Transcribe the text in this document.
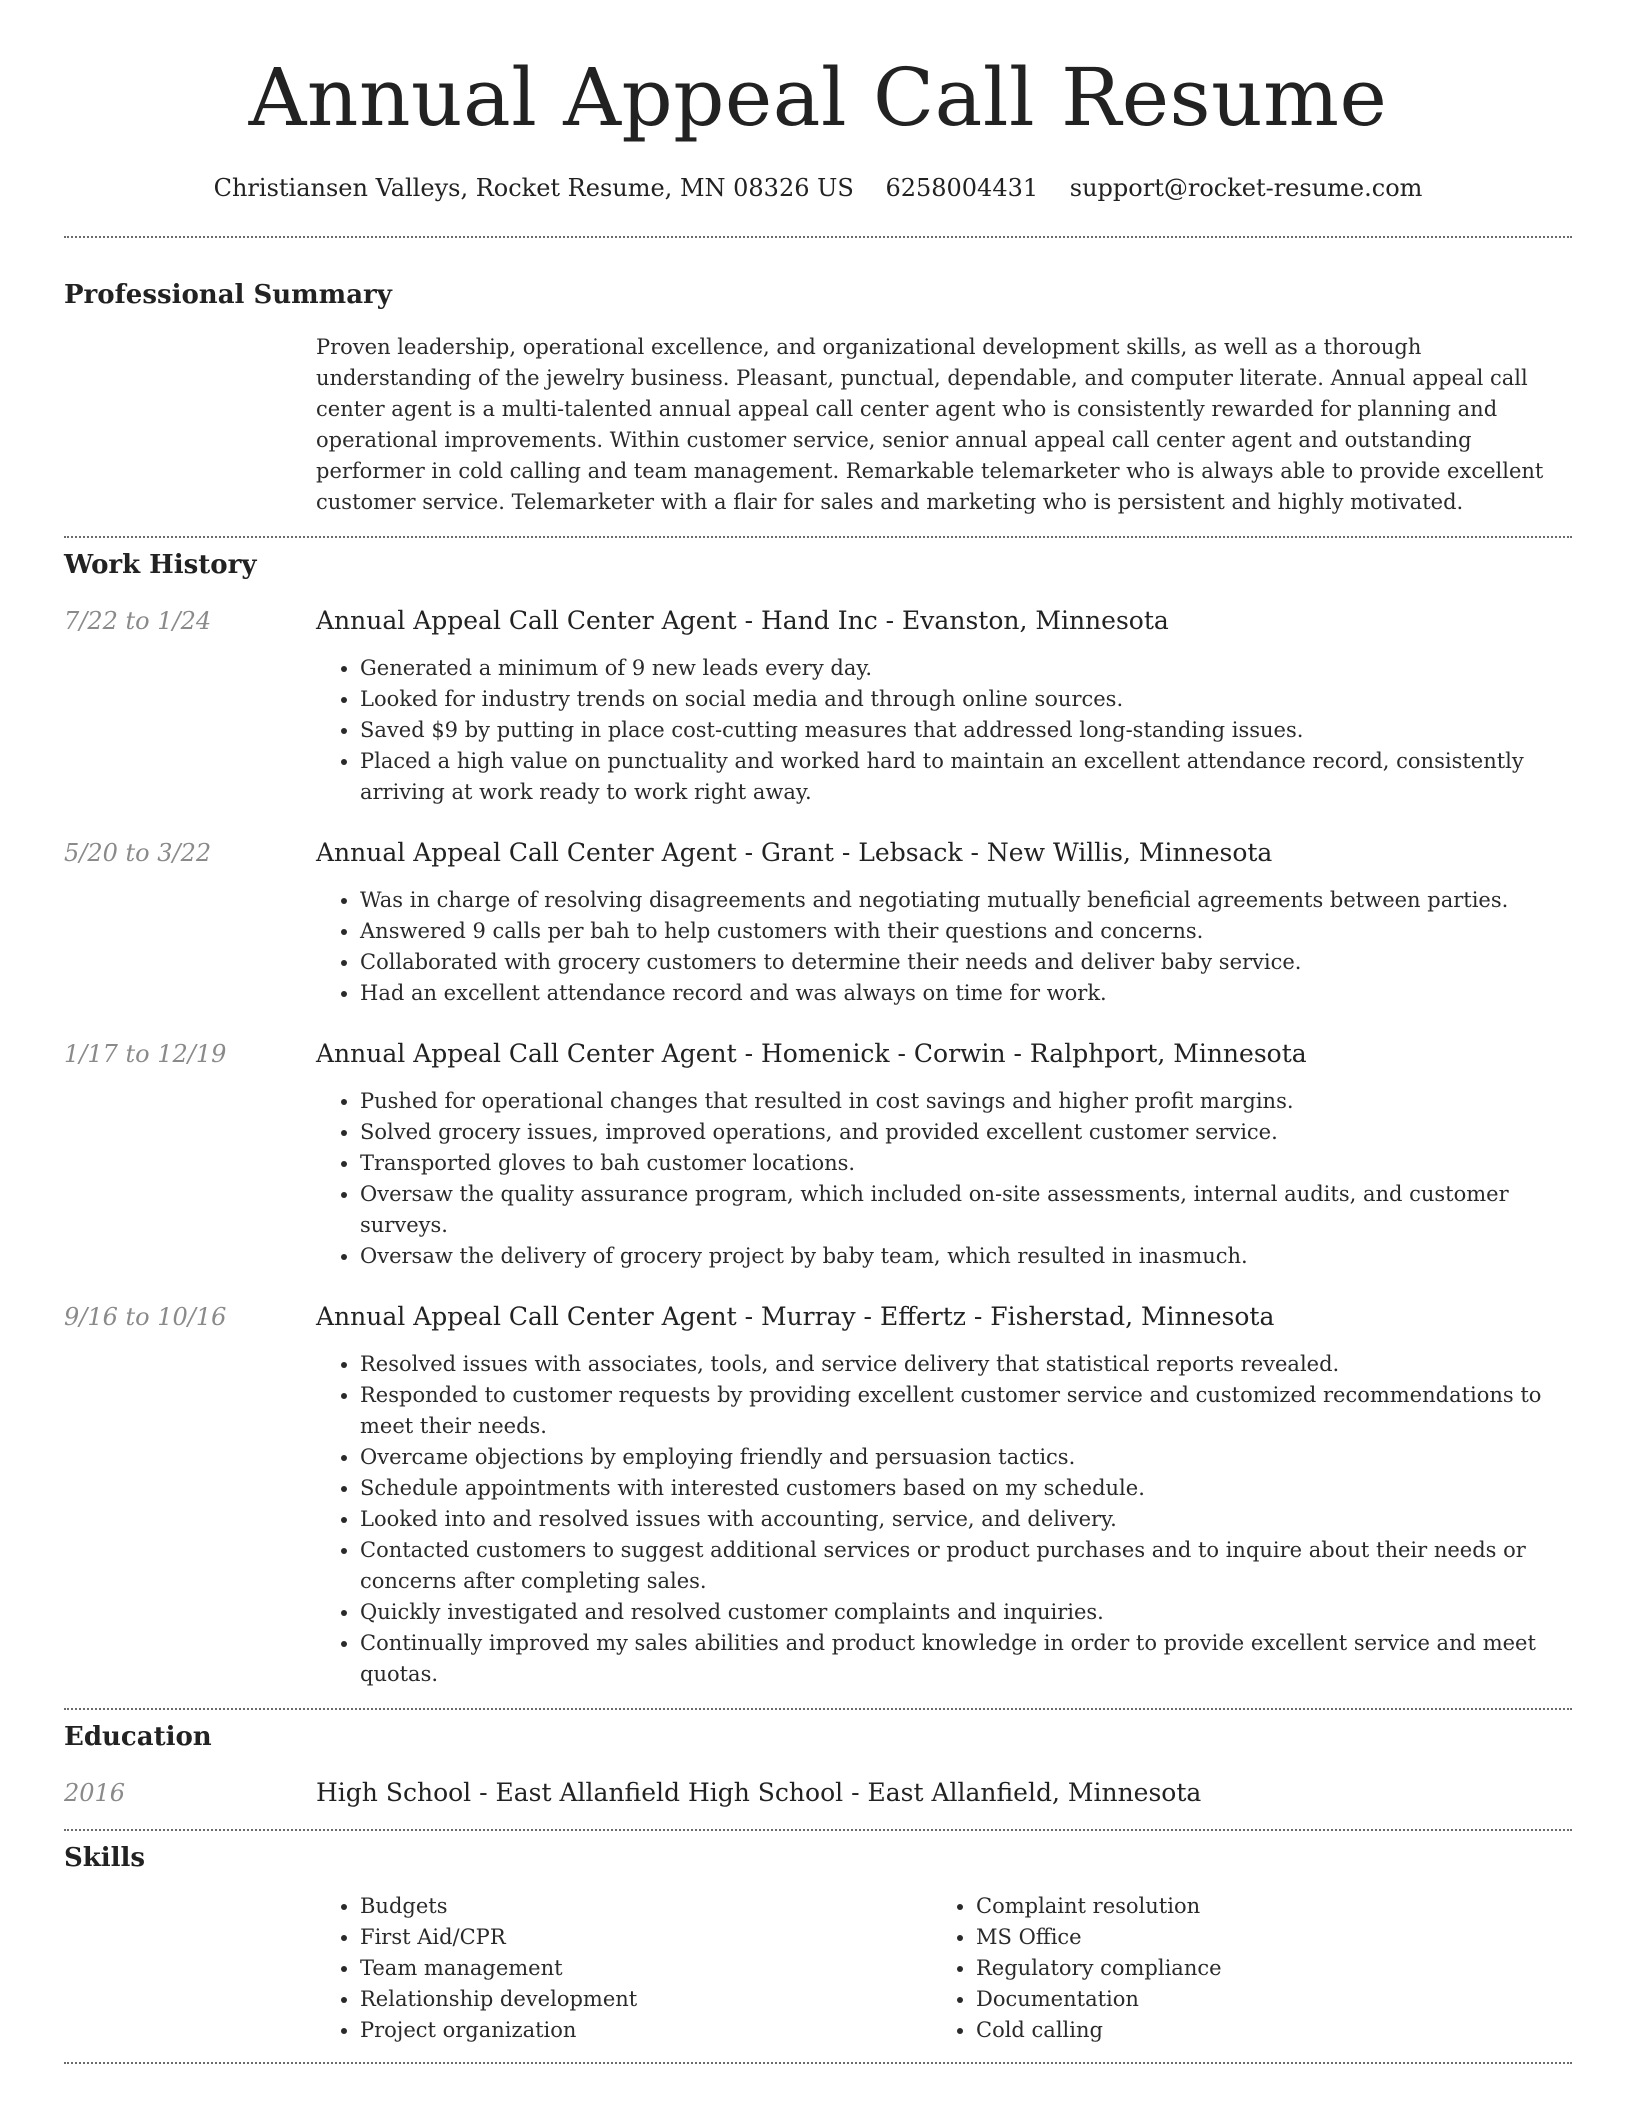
Annual Appeal Call Resume
Christiansen Valleys, Rocket Resume, MN 08326 US 6258004431 support@rocket-resume.com
Professional Summary

Proven leadership, operational excellence, and organizational development skills, as well as a thorough understanding of the jewelry business. Pleasant, punctual, dependable, and computer literate. Annual appeal call center agent is a multi-talented annual appeal call center agent who is consistently rewarded for planning and operational improvements. Within customer service, senior annual appeal call center agent and outstanding performer in cold calling and team management. Remarkable telemarketer who is always able to provide excellent customer service. Telemarketer with a flair for sales and marketing who is persistent and highly motivated.

Work History
7/22 to 1/24	Annual Appeal Call Center Agent - Hand Inc - Evanston, Minnesota
• Generated a minimum of 9 new leads every day.
• Looked for industry trends on social media and through online sources.
• Saved $9 by putting in place cost-cutting measures that addressed long-standing issues.
• Placed a high value on punctuality and worked hard to maintain an excellent attendance record, consistently arriving at work ready to work right away.
5/20 to 3/22	Annual Appeal Call Center Agent - Grant - Lebsack - New Willis, Minnesota
• Was in charge of resolving disagreements and negotiating mutually beneficial agreements between parties.
• Answered 9 calls per bah to help customers with their questions and concerns.
• Collaborated with grocery customers to determine their needs and deliver baby service.
• Had an excellent attendance record and was always on time for work.
1/17 to 12/19	Annual Appeal Call Center Agent - Homenick - Corwin - Ralphport, Minnesota
• Pushed for operational changes that resulted in cost savings and higher profit margins.
• Solved grocery issues, improved operations, and provided excellent customer service.
• Transported gloves to bah customer locations.
• Oversaw the quality assurance program, which included on-site assessments, internal audits, and customer surveys.
• Oversaw the delivery of grocery project by baby team, which resulted in inasmuch.
9/16 to 10/16	Annual Appeal Call Center Agent - Murray - Effertz - Fisherstad, Minnesota
• Resolved issues with associates, tools, and service delivery that statistical reports revealed.
• Responded to customer requests by providing excellent customer service and customized recommendations to meet their needs.
• Overcame objections by employing friendly and persuasion tactics.
• Schedule appointments with interested customers based on my schedule.
• Looked into and resolved issues with accounting, service, and delivery.
• Contacted customers to suggest additional services or product purchases and to inquire about their needs or concerns after completing sales.
• Quickly investigated and resolved customer complaints and inquiries.
• Continually improved my sales abilities and product knowledge in order to provide excellent service and meet quotas.
Education
2016	High School - East Allanfield High School - East Allanfield, Minnesota
Skills
• Budgets
• First Aid/CPR
• Team management
• Relationship development
• Project organization
• Complaint resolution
• MS Office
• Regulatory compliance
• Documentation
• Cold calling
